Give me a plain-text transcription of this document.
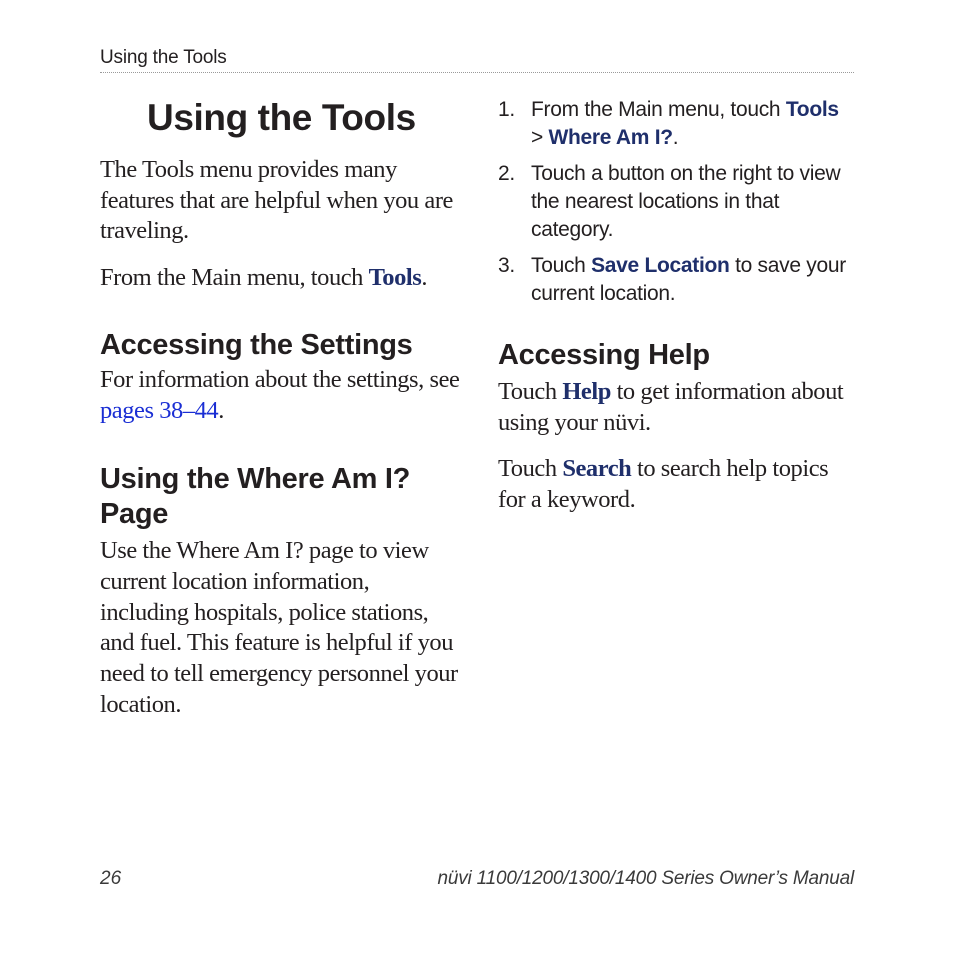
Using the Tools
Using the Tools

The Tools menu provides many features that are helpful when you are traveling.

From the Main menu, touch Tools.

Accessing the Settings

For information about the settings, see pages 38–44.

Using the Where Am I? Page

Use the Where Am I? page to view current location information, including hospitals, police stations, and fuel. This feature is helpful if you need to tell emergency personnel your location.

1. From the Main menu, touch Tools
> Where Am I?.
2. Touch a button on the right to view the nearest locations in that category.
3. Touch Save Location to save your current location.
Accessing Help

Touch Help to get information about using your nüvi.

Touch Search to search help topics for a keyword.

26	nüvi 1100/1200/1300/1400 Series Owner’s Manual
